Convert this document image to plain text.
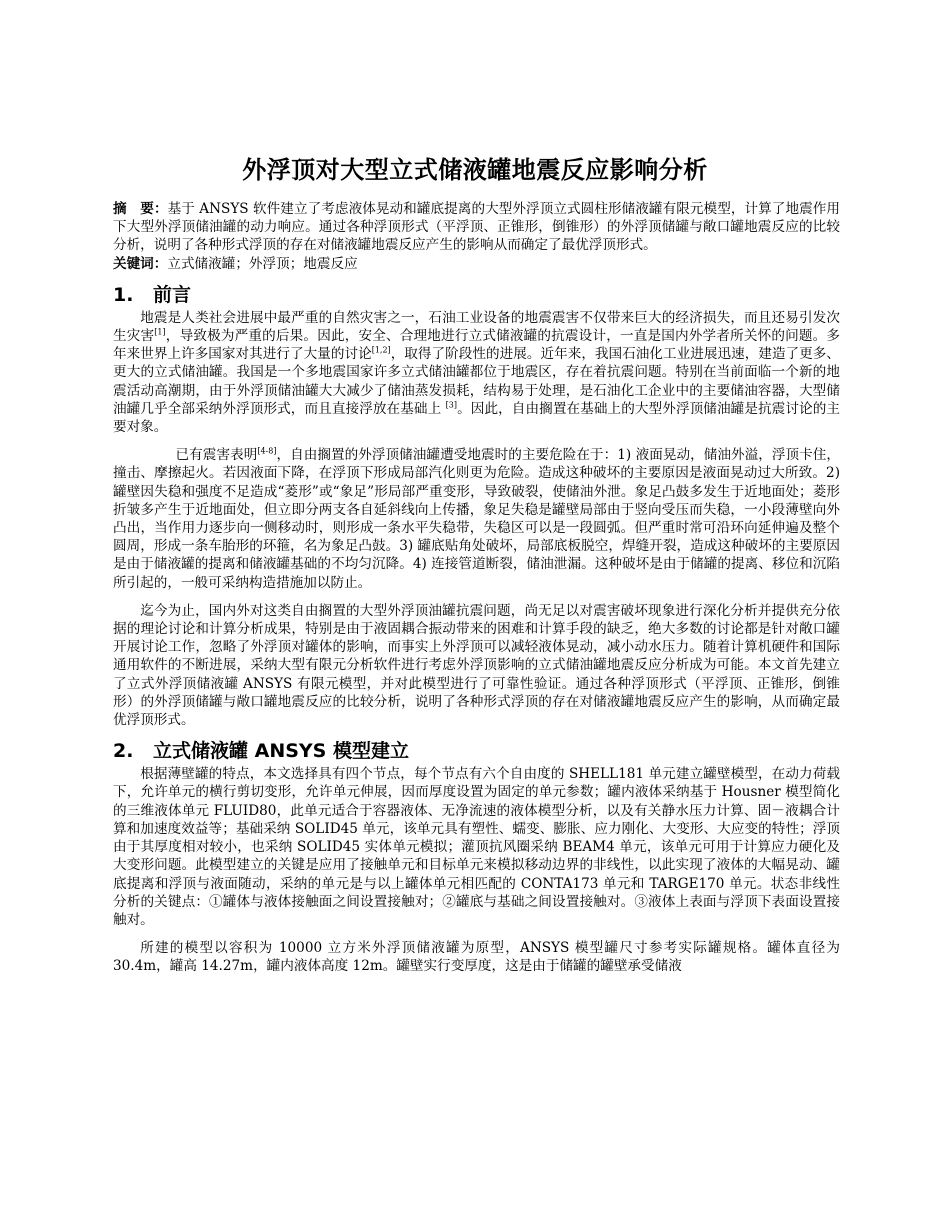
外浮顶对大型立式储液罐地震反应影响分析

摘　要：基于 ANSYS 软件建立了考虑液体晃动和罐底提离的大型外浮顶立式圆柱形储液罐有限元模型，计算了地震作用下大型外浮顶储油罐的动力响应。通过各种浮顶形式（平浮顶、正锥形，倒锥形）的外浮顶储罐与敞口罐地震反应的比较分析，说明了各种形式浮顶的存在对储液罐地震反应产生的影响从而确定了最优浮顶形式。

关键词：立式储液罐；外浮顶；地震反应

1. 前言

地震是人类社会进展中最严重的自然灾害之一，石油工业设备的地震震害不仅带来巨大的经济损失，而且还易引发次生灾害[1]，导致极为严重的后果。因此，安全、合理地进行立式储液罐的抗震设计，一直是国内外学者所关怀的问题。多年来世界上许多国家对其进行了大量的讨论[1,2]，取得了阶段性的进展。近年来，我国石油化工业进展迅速，建造了更多、更大的立式储油罐。我国是一个多地震国家许多立式储油罐都位于地震区，存在着抗震问题。特别在当前面临一个新的地震活动高潮期，由于外浮顶储油罐大大减少了储油蒸发损耗，结构易于处理，是石油化工企业中的主要储油容器，大型储油罐几乎全部采纳外浮顶形式，而且直接浮放在基础上 [3]。因此，自由搁置在基础上的大型外浮顶储油罐是抗震讨论的主要对象。

已有震害表明[4-8]，自由搁置的外浮顶储油罐遭受地震时的主要危险在于：1) 液面晃动，储油外溢，浮顶卡住，撞击、摩擦起火。若因液面下降，在浮顶下形成局部汽化则更为危险。造成这种破坏的主要原因是液面晃动过大所致。2) 罐壁因失稳和强度不足造成“菱形”或“象足”形局部严重变形，导致破裂，使储油外泄。象足凸鼓多发生于近地面处；菱形折皱多产生于近地面处，但立即分两支各自延斜线向上传播，象足失稳是罐壁局部由于竖向受压而失稳，一小段薄壁向外凸出，当作用力逐步向一侧移动时，则形成一条水平失稳带，失稳区可以是一段圆弧。但严重时常可沿环向延伸遍及整个圆周，形成一条车胎形的环箍，名为象足凸鼓。3) 罐底贴角处破坏，局部底板脱空，焊缝开裂，造成这种破坏的主要原因是由于储液罐的提离和储液罐基础的不均匀沉降。4) 连接管道断裂，储油泄漏。这种破坏是由于储罐的提离、移位和沉陷所引起的，一般可采纳构造措施加以防止。

迄今为止，国内外对这类自由搁置的大型外浮顶油罐抗震问题，尚无足以对震害破坏现象进行深化分析并提供充分依据的理论讨论和计算分析成果，特别是由于液固耦合振动带来的困难和计算手段的缺乏，绝大多数的讨论都是针对敞口罐开展讨论工作，忽略了外浮顶对罐体的影响，而事实上外浮顶可以减轻液体晃动，减小动水压力。随着计算机硬件和国际通用软件的不断进展，采纳大型有限元分析软件进行考虑外浮顶影响的立式储油罐地震反应分析成为可能。本文首先建立了立式外浮顶储液罐 ANSYS 有限元模型，并对此模型进行了可靠性验证。通过各种浮顶形式（平浮顶、正锥形，倒锥形）的外浮顶储罐与敞口罐地震反应的比较分析，说明了各种形式浮顶的存在对储液罐地震反应产生的影响，从而确定最优浮顶形式。

2. 立式储液罐 ANSYS 模型建立

根据薄壁罐的特点，本文选择具有四个节点，每个节点有六个自由度的 SHELL181 单元建立罐壁模型，在动力荷载下，允许单元的横行剪切变形，允许单元伸展，因而厚度设置为固定的单元参数；罐内液体采纳基于 Housner 模型简化的三维液体单元 FLUID80，此单元适合于容器液体、无净流速的液体模型分析，以及有关静水压力计算、固－液耦合计算和加速度效益等；基础采纳 SOLID45 单元，该单元具有塑性、蠕变、膨胀、应力刚化、大变形、大应变的特性；浮顶由于其厚度相对较小，也采纳 SOLID45 实体单元模拟；灌顶抗风圈采纳 BEAM4 单元，该单元可用于计算应力硬化及大变形问题。此模型建立的关键是应用了接触单元和目标单元来模拟移动边界的非线性，以此实现了液体的大幅晃动、罐底提离和浮顶与液面随动，采纳的单元是与以上罐体单元相匹配的 CONTA173 单元和 TARGE170 单元。状态非线性分析的关键点：①罐体与液体接触面之间设置接触对；②罐底与基础之间设置接触对。③液体上表面与浮顶下表面设置接触对。

所建的模型以容积为 10000 立方米外浮顶储液罐为原型，ANSYS 模型罐尺寸参考实际罐规格。罐体直径为 30.4m，罐高 14.27m，罐内液体高度 12m。罐壁实行变厚度，这是由于储罐的罐壁承受储液
